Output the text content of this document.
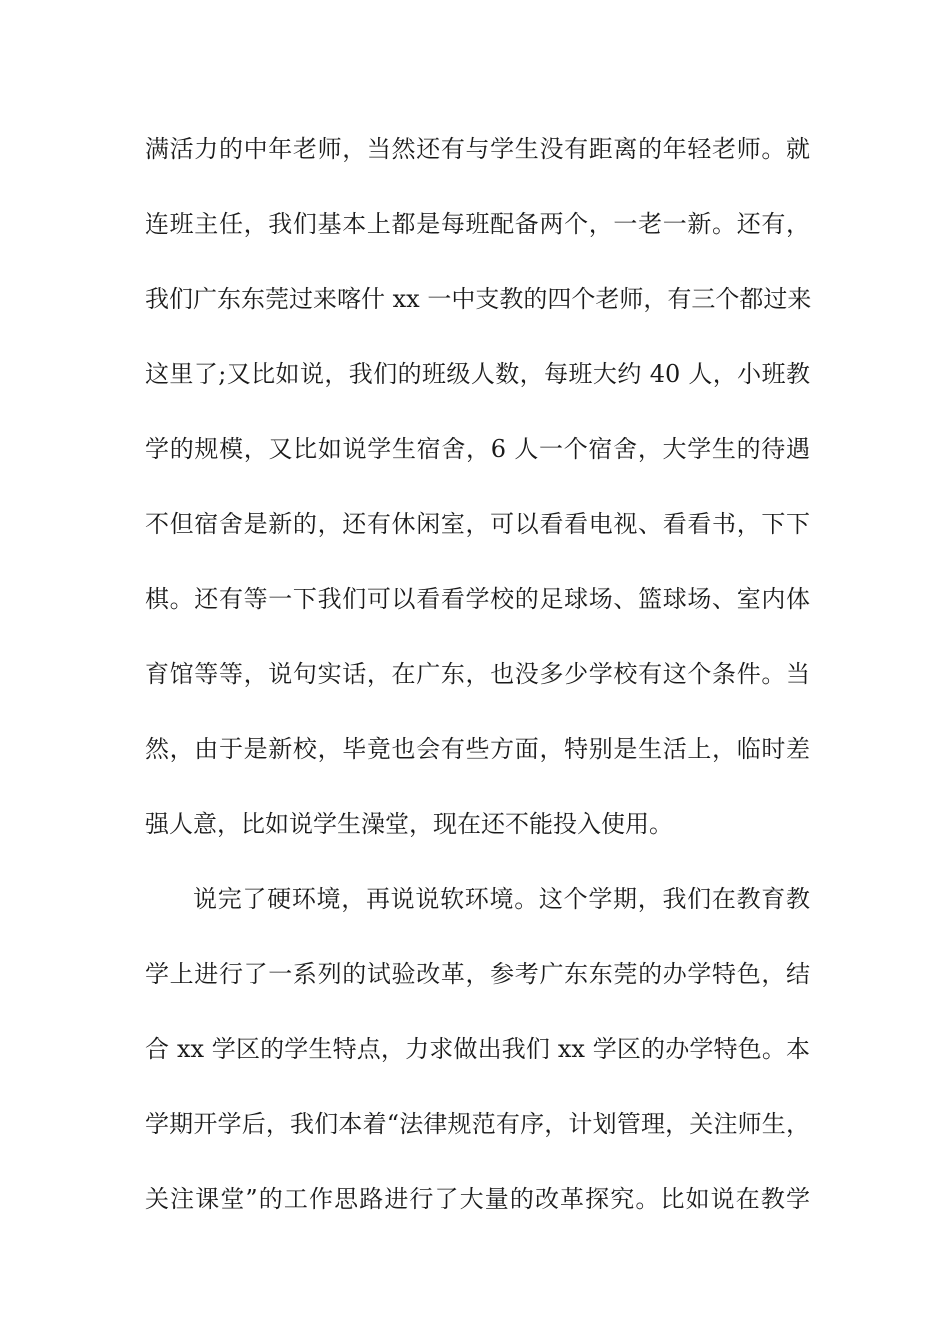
满活力的中年老师，当然还有与学生没有距离的年轻老师。就
连班主任，我们基本上都是每班配备两个，一老一新。还有，
我们广东东莞过来喀什 xx 一中支教的四个老师，有三个都过来
这里了;又比如说，我们的班级人数，每班大约 40 人，小班教
学的规模，又比如说学生宿舍，6 人一个宿舍，大学生的待遇
不但宿舍是新的，还有休闲室，可以看看电视、看看书，下下
棋。还有等一下我们可以看看学校的足球场、篮球场、室内体
育馆等等，说句实话，在广东，也没多少学校有这个条件。当
然，由于是新校，毕竟也会有些方面，特别是生活上，临时差
强人意，比如说学生澡堂，现在还不能投入使用。
说完了硬环境，再说说软环境。这个学期，我们在教育教
学上进行了一系列的试验改革，参考广东东莞的办学特色，结
合 xx 学区的学生特点，力求做出我们 xx 学区的办学特色。本
学期开学后，我们本着“法律规范有序，计划管理，关注师生，
关注课堂”的工作思路进行了大量的改革探究。比如说在教学
